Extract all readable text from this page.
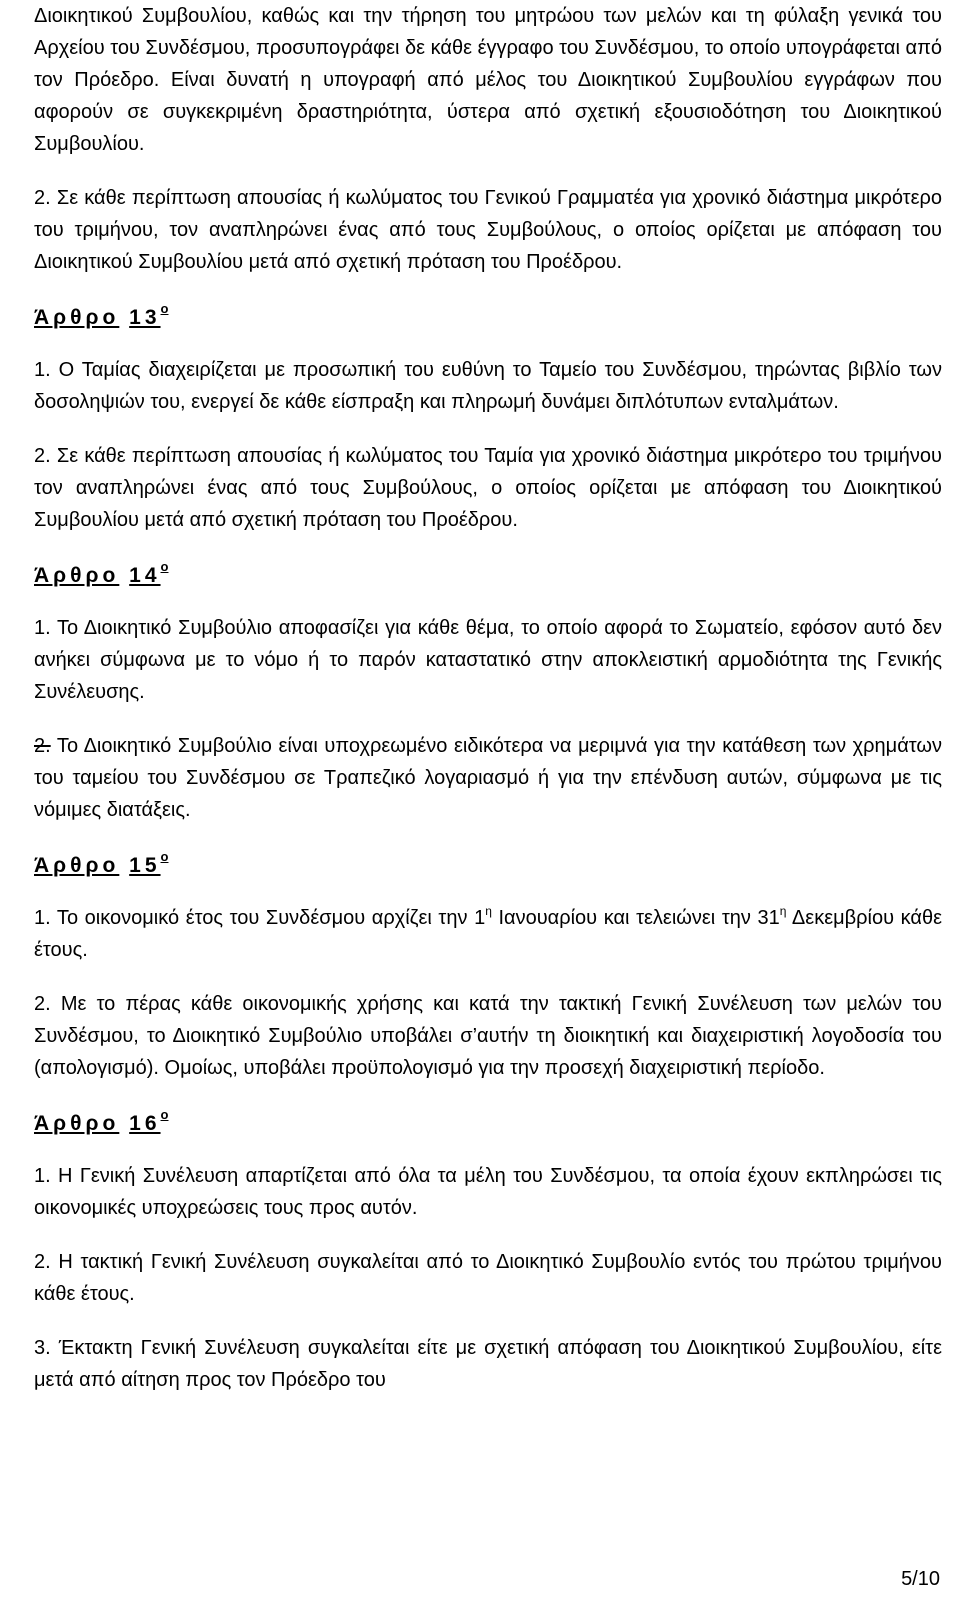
Διοικητικού Συμβουλίου, καθώς και την τήρηση του μητρώου των μελών και τη φύλαξη γενικά του Αρχείου του Συνδέσμου, προσυπογράφει δε κάθε έγγραφο του Συνδέσμου, το οποίο υπογράφεται από τον Πρόεδρο. Είναι δυνατή η υπογραφή από μέλος του Διοικητικού Συμβουλίου εγγράφων που αφορούν σε συγκεκριμένη δραστηριότητα, ύστερα από σχετική εξουσιοδότηση του Διοικητικού Συμβουλίου.

2. Σε κάθε περίπτωση απουσίας ή κωλύματος του Γενικού Γραμματέα για χρονικό διάστημα μικρότερο του τριμήνου, τον αναπληρώνει ένας από τους Συμβούλους, ο οποίος ορίζεται με απόφαση του Διοικητικού Συμβουλίου μετά από σχετική πρόταση του Προέδρου.

Άρθρο $13^o$

1. Ο Ταμίας διαχειρίζεται με προσωπική του ευθύνη το Ταμείο του Συνδέσμου, τηρώντας βιβλίο των δοσοληψιών του, ενεργεί δε κάθε είσπραξη και πληρωμή δυνάμει διπλότυπων ενταλμάτων.

2. Σε κάθε περίπτωση απουσίας ή κωλύματος του Ταμία για χρονικό διάστημα μικρότερο του τριμήνου τον αναπληρώνει ένας από τους Συμβούλους, ο οποίος ορίζεται με απόφαση του Διοικητικού Συμβουλίου μετά από σχετική πρόταση του Προέδρου.

Άρθρο $14^o$

1. Το Διοικητικό Συμβούλιο αποφασίζει για κάθε θέμα, το οποίο αφορά το Σωματείο, εφόσον αυτό δεν ανήκει σύμφωνα με το νόμο ή το παρόν καταστατικό στην αποκλειστική αρμοδιότητα της Γενικής Συνέλευσης.

2. Το Διοικητικό Συμβούλιο είναι υποχρεωμένο ειδικότερα να μεριμνά για την κατάθεση των χρημάτων του ταμείου του Συνδέσμου σε Τραπεζικό λογαριασμό ή για την επένδυση αυτών, σύμφωνα με τις νόμιμες διατάξεις.

Άρθρο $15^o$

1. Το οικονομικό έτος του Συνδέσμου αρχίζει την $1^\eta$ Ιανουαρίου και τελειώνει την $31^\eta$ Δεκεμβρίου κάθε έτους.

2. Με το πέρας κάθε οικονομικής χρήσης και κατά την τακτική Γενική Συνέλευση των μελών του Συνδέσμου, το Διοικητικό Συμβούλιο υποβάλει σ’αυτήν τη διοικητική και διαχειριστική λογοδοσία του (απολογισμό). Ομοίως, υποβάλει προϋπολογισμό για την προσεχή διαχειριστική περίοδο.

Άρθρο $16^o$

1. Η Γενική Συνέλευση απαρτίζεται από όλα τα μέλη του Συνδέσμου, τα οποία έχουν εκπληρώσει τις οικονομικές υποχρεώσεις τους προς αυτόν.

2. Η τακτική Γενική Συνέλευση συγκαλείται από το Διοικητικό Συμβουλίο εντός του πρώτου τριμήνου κάθε έτους.

3. Έκτακτη Γενική Συνέλευση συγκαλείται είτε με σχετική απόφαση του Διοικητικού Συμβουλίου, είτε μετά από αίτηση προς τον Πρόεδρο του

5/10
